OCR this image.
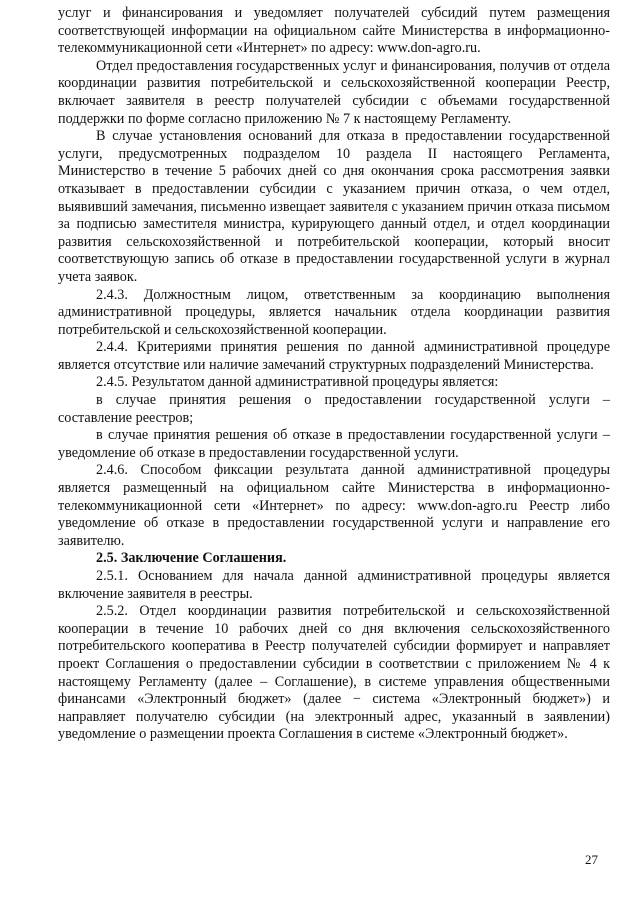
услуг и финансирования и уведомляет получателей субсидий путем размещения соответствующей информации на официальном сайте Министерства в информационно-телекоммуникационной сети «Интернет» по адресу: www.don-agro.ru.

Отдел предоставления государственных услуг и финансирования, получив от отдела координации развития потребительской и сельскохозяйственной кооперации Реестр, включает заявителя в реестр получателей субсидии с объемами государственной поддержки по форме согласно приложению № 7 к настоящему Регламенту.

В случае установления оснований для отказа в предоставлении государственной услуги, предусмотренных подразделом 10 раздела II настоящего Регламента, Министерство в течение 5 рабочих дней со дня окончания срока рассмотрения заявки отказывает в предоставлении субсидии с указанием причин отказа, о чем отдел, выявивший замечания, письменно извещает заявителя с указанием причин отказа письмом за подписью заместителя министра, курирующего данный отдел, и отдел координации развития сельскохозяйственной и потребительской кооперации, который вносит соответствующую запись об отказе в предоставлении государственной услуги в журнал учета заявок.

2.4.3. Должностным лицом, ответственным за координацию выполнения административной процедуры, является начальник отдела координации развития потребительской и сельскохозяйственной кооперации.

2.4.4. Критериями принятия решения по данной административной процедуре является отсутствие или наличие замечаний структурных подразделений Министерства.

2.4.5. Результатом данной административной процедуры является:

в случае принятия решения о предоставлении государственной услуги – составление реестров;

в случае принятия решения об отказе в предоставлении государственной услуги – уведомление об отказе в предоставлении государственной услуги.

2.4.6. Способом фиксации результата данной административной процедуры является размещенный на официальном сайте Министерства в информационно-телекоммуникационной сети «Интернет» по адресу: www.don-agro.ru Реестр либо уведомление об отказе в предоставлении государственной услуги и направление его заявителю.

2.5. Заключение Соглашения.

2.5.1. Основанием для начала данной административной процедуры является включение заявителя в реестры.

2.5.2. Отдел координации развития потребительской и сельскохозяйственной кооперации в течение 10 рабочих дней со дня включения сельскохозяйственного потребительского кооператива в Реестр получателей субсидии формирует и направляет проект Соглашения о предоставлении субсидии в соответствии с приложением № 4 к настоящему Регламенту (далее – Соглашение), в системе управления общественными финансами «Электронный бюджет» (далее − система «Электронный бюджет») и направляет получателю субсидии (на электронный адрес, указанный в заявлении) уведомление о размещении проекта Соглашения в системе «Электронный бюджет».

27
